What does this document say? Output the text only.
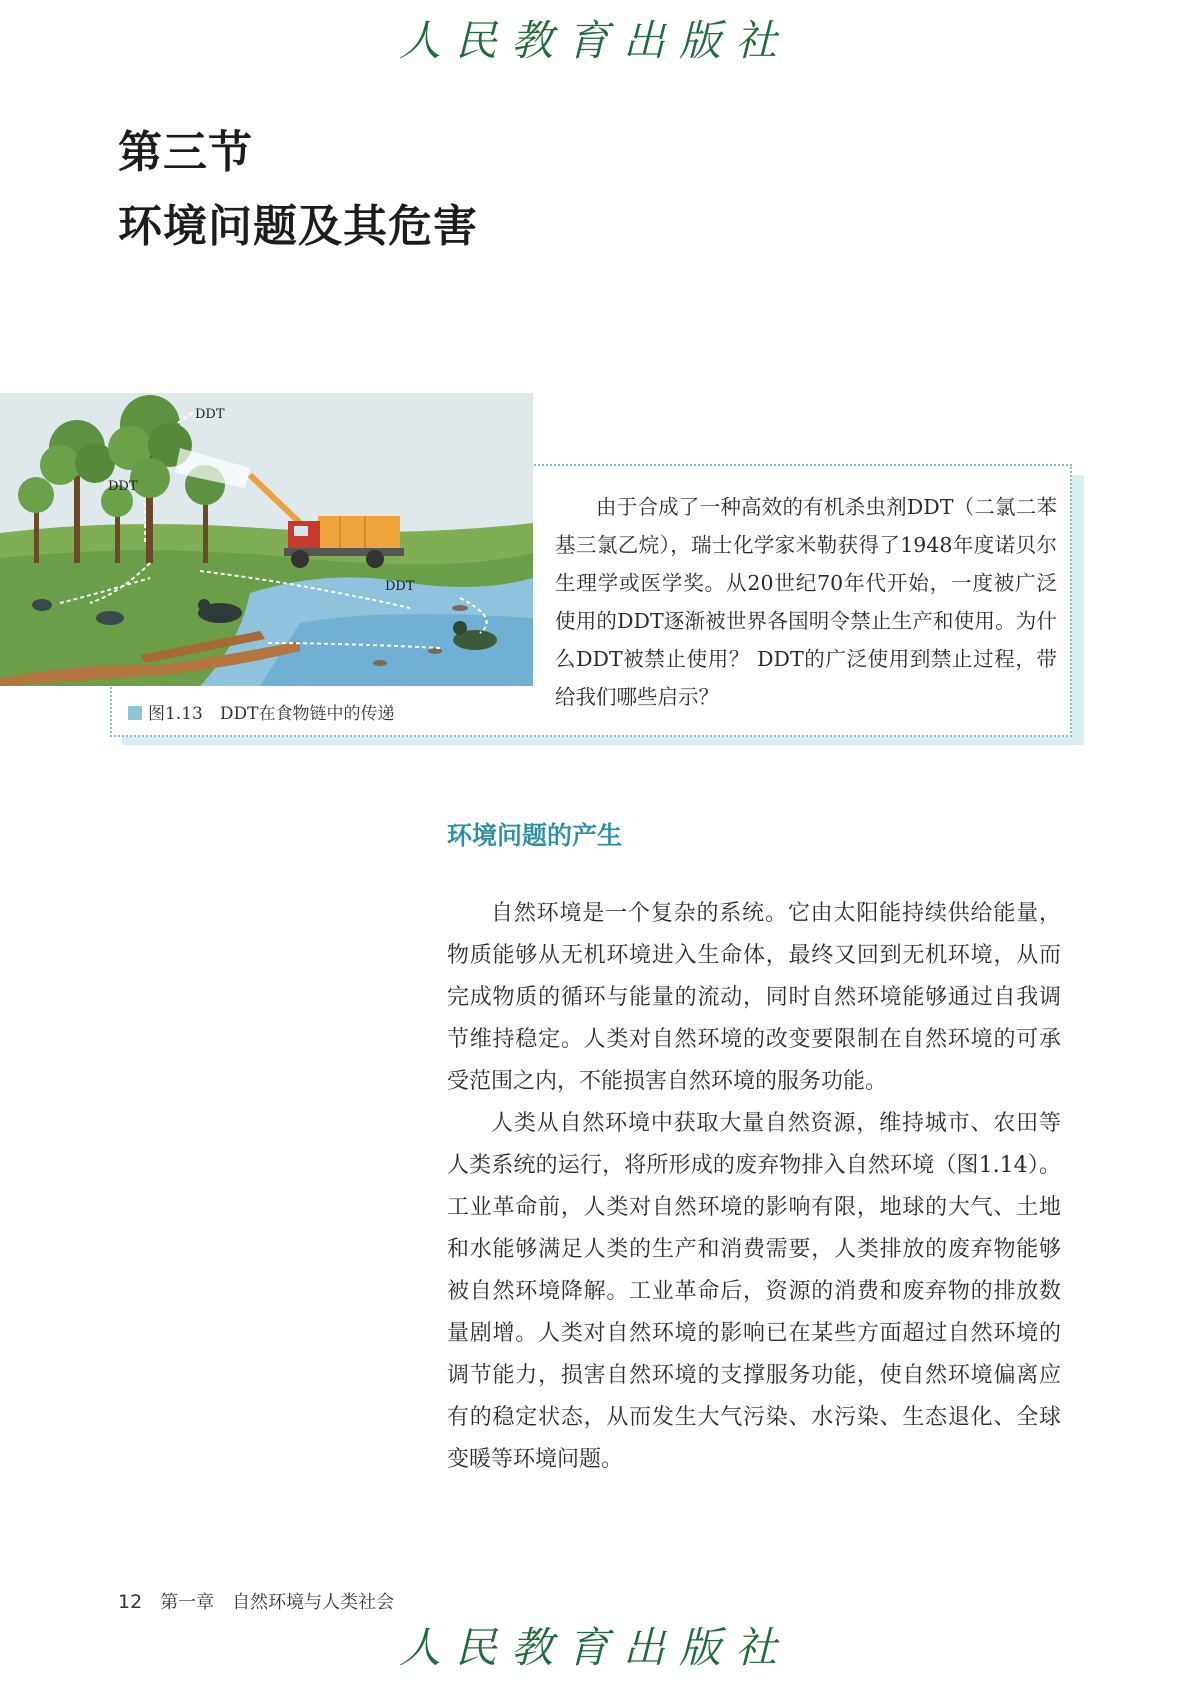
人民教育出版社
第三节
环境问题及其危害
DDT
DDT
DDT
图1.13　DDT在食物链中的传递
由于合成了一种高效的有机杀虫剂DDT（二氯二苯基三氯乙烷），瑞士化学家米勒获得了1948年度诺贝尔生理学或医学奖。从20世纪70年代开始，一度被广泛使用的DDT逐渐被世界各国明令禁止生产和使用。为什么DDT被禁止使用？ DDT的广泛使用到禁止过程，带给我们哪些启示？
环境问题的产生

自然环境是一个复杂的系统。它由太阳能持续供给能量，物质能够从无机环境进入生命体，最终又回到无机环境，从而完成物质的循环与能量的流动，同时自然环境能够通过自我调节维持稳定。人类对自然环境的改变要限制在自然环境的可承受范围之内，不能损害自然环境的服务功能。

人类从自然环境中获取大量自然资源，维持城市、农田等人类系统的运行，将所形成的废弃物排入自然环境（图1.14）。工业革命前，人类对自然环境的影响有限，地球的大气、土地和水能够满足人类的生产和消费需要，人类排放的废弃物能够被自然环境降解。工业革命后，资源的消费和废弃物的排放数量剧增。人类对自然环境的影响已在某些方面超过自然环境的调节能力，损害自然环境的支撑服务功能，使自然环境偏离应有的稳定状态，从而发生大气污染、水污染、生态退化、全球变暖等环境问题。

12 第一章　自然环境与人类社会
人民教育出版社
